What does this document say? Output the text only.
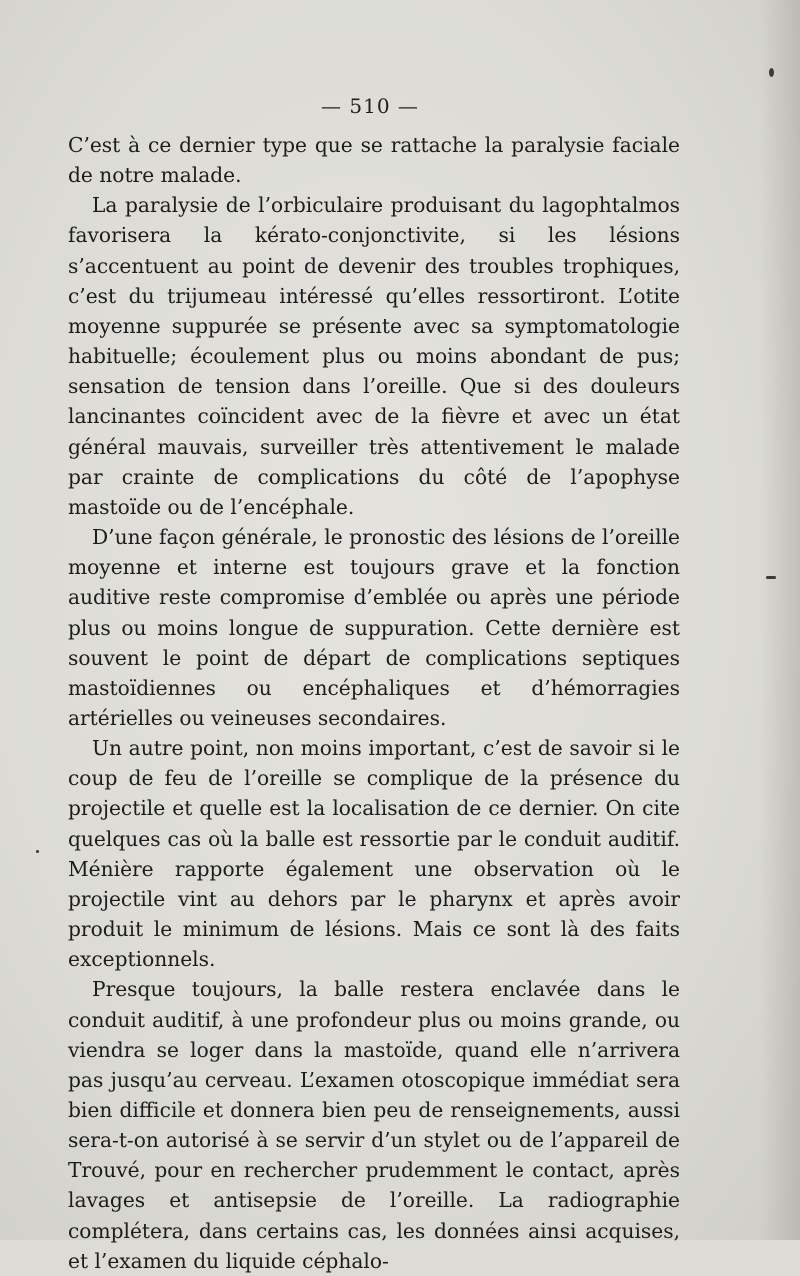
— 510 —

C’est à ce dernier type que se rattache la paralysie faciale de notre malade.

La paralysie de l’orbiculaire produisant du lagophtalmos favorisera la kérato-conjonctivite, si les lésions s’accentuent au point de devenir des troubles trophiques, c’est du trijumeau intéressé qu’elles ressortiront. L’otite moyenne suppurée se présente avec sa symptomatologie habituelle; écoulement plus ou moins abondant de pus; sensation de tension dans l’oreille. Que si des douleurs lancinantes coïncident avec de la fièvre et avec un état général mauvais, surveiller très attentivement le malade par crainte de complications du côté de l’apophyse mastoïde ou de l’encéphale.

D’une façon générale, le pronostic des lésions de l’oreille moyenne et interne est toujours grave et la fonction auditive reste compromise d’emblée ou après une période plus ou moins longue de suppuration. Cette dernière est souvent le point de départ de complications septiques mastoïdiennes ou encéphaliques et d’hémorragies artérielles ou veineuses secondaires.

Un autre point, non moins important, c’est de savoir si le coup de feu de l’oreille se complique de la présence du projectile et quelle est la localisation de ce dernier. On cite quelques cas où la balle est ressortie par le conduit auditif. Ménière rapporte également une observation où le projectile vint au dehors par le pharynx et après avoir produit le minimum de lésions. Mais ce sont là des faits exceptionnels.

Presque toujours, la balle restera enclavée dans le conduit auditif, à une profondeur plus ou moins grande, ou viendra se loger dans la mastoïde, quand elle n’arrivera pas jusqu’au cerveau. L’examen otoscopique immédiat sera bien difficile et donnera bien peu de renseignements, aussi sera-t-on autorisé à se servir d’un stylet ou de l’appareil de Trouvé, pour en rechercher prudemment le contact, après lavages et antisepsie de l’oreille. La radiographie complétera, dans certains cas, les données ainsi acquises, et l’examen du liquide céphalo-
